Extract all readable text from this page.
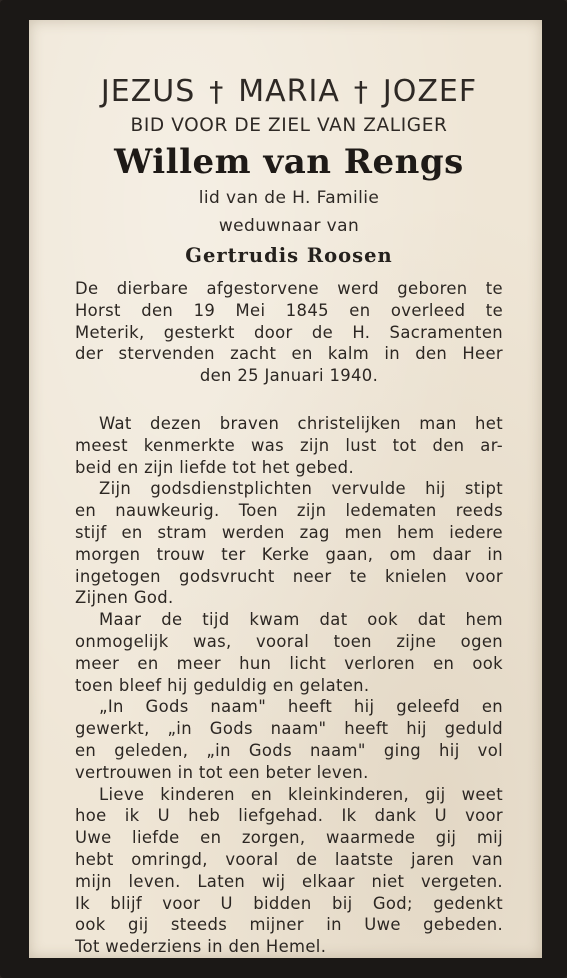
JEZUS † MARIA † JOZEF
BID VOOR DE ZIEL VAN ZALIGER
Willem van Rengs
lid van de H. Familie
weduwnaar van
Gertrudis Roosen
De dierbare afgestorvene werd geboren te
Horst den 19 Mei 1845 en overleed te
Meterik, gesterkt door de H. Sacramenten
der stervenden zacht en kalm in den Heer
den 25 Januari 1940.
Wat dezen braven christelijken man het
meest kenmerkte was zijn lust tot den ar-
beid en zijn liefde tot het gebed.
Zijn godsdienstplichten vervulde hij stipt
en nauwkeurig. Toen zijn ledematen reeds
stijf en stram werden zag men hem iedere
morgen trouw ter Kerke gaan, om daar in
ingetogen godsvrucht neer te knielen voor
Zijnen God.
Maar de tijd kwam dat ook dat hem
onmogelijk was, vooral toen zijne ogen
meer en meer hun licht verloren en ook
toen bleef hij geduldig en gelaten.
„In Gods naam" heeft hij geleefd en
gewerkt, „in Gods naam" heeft hij geduld
en geleden, „in Gods naam" ging hij vol
vertrouwen in tot een beter leven.
Lieve kinderen en kleinkinderen, gij weet
hoe ik U heb liefgehad. Ik dank U voor
Uwe liefde en zorgen, waarmede gij mij
hebt omringd, vooral de laatste jaren van
mijn leven. Laten wij elkaar niet vergeten.
Ik blijf voor U bidden bij God; gedenkt
ook gij steeds mijner in Uwe gebeden.
Tot wederziens in den Hemel.
